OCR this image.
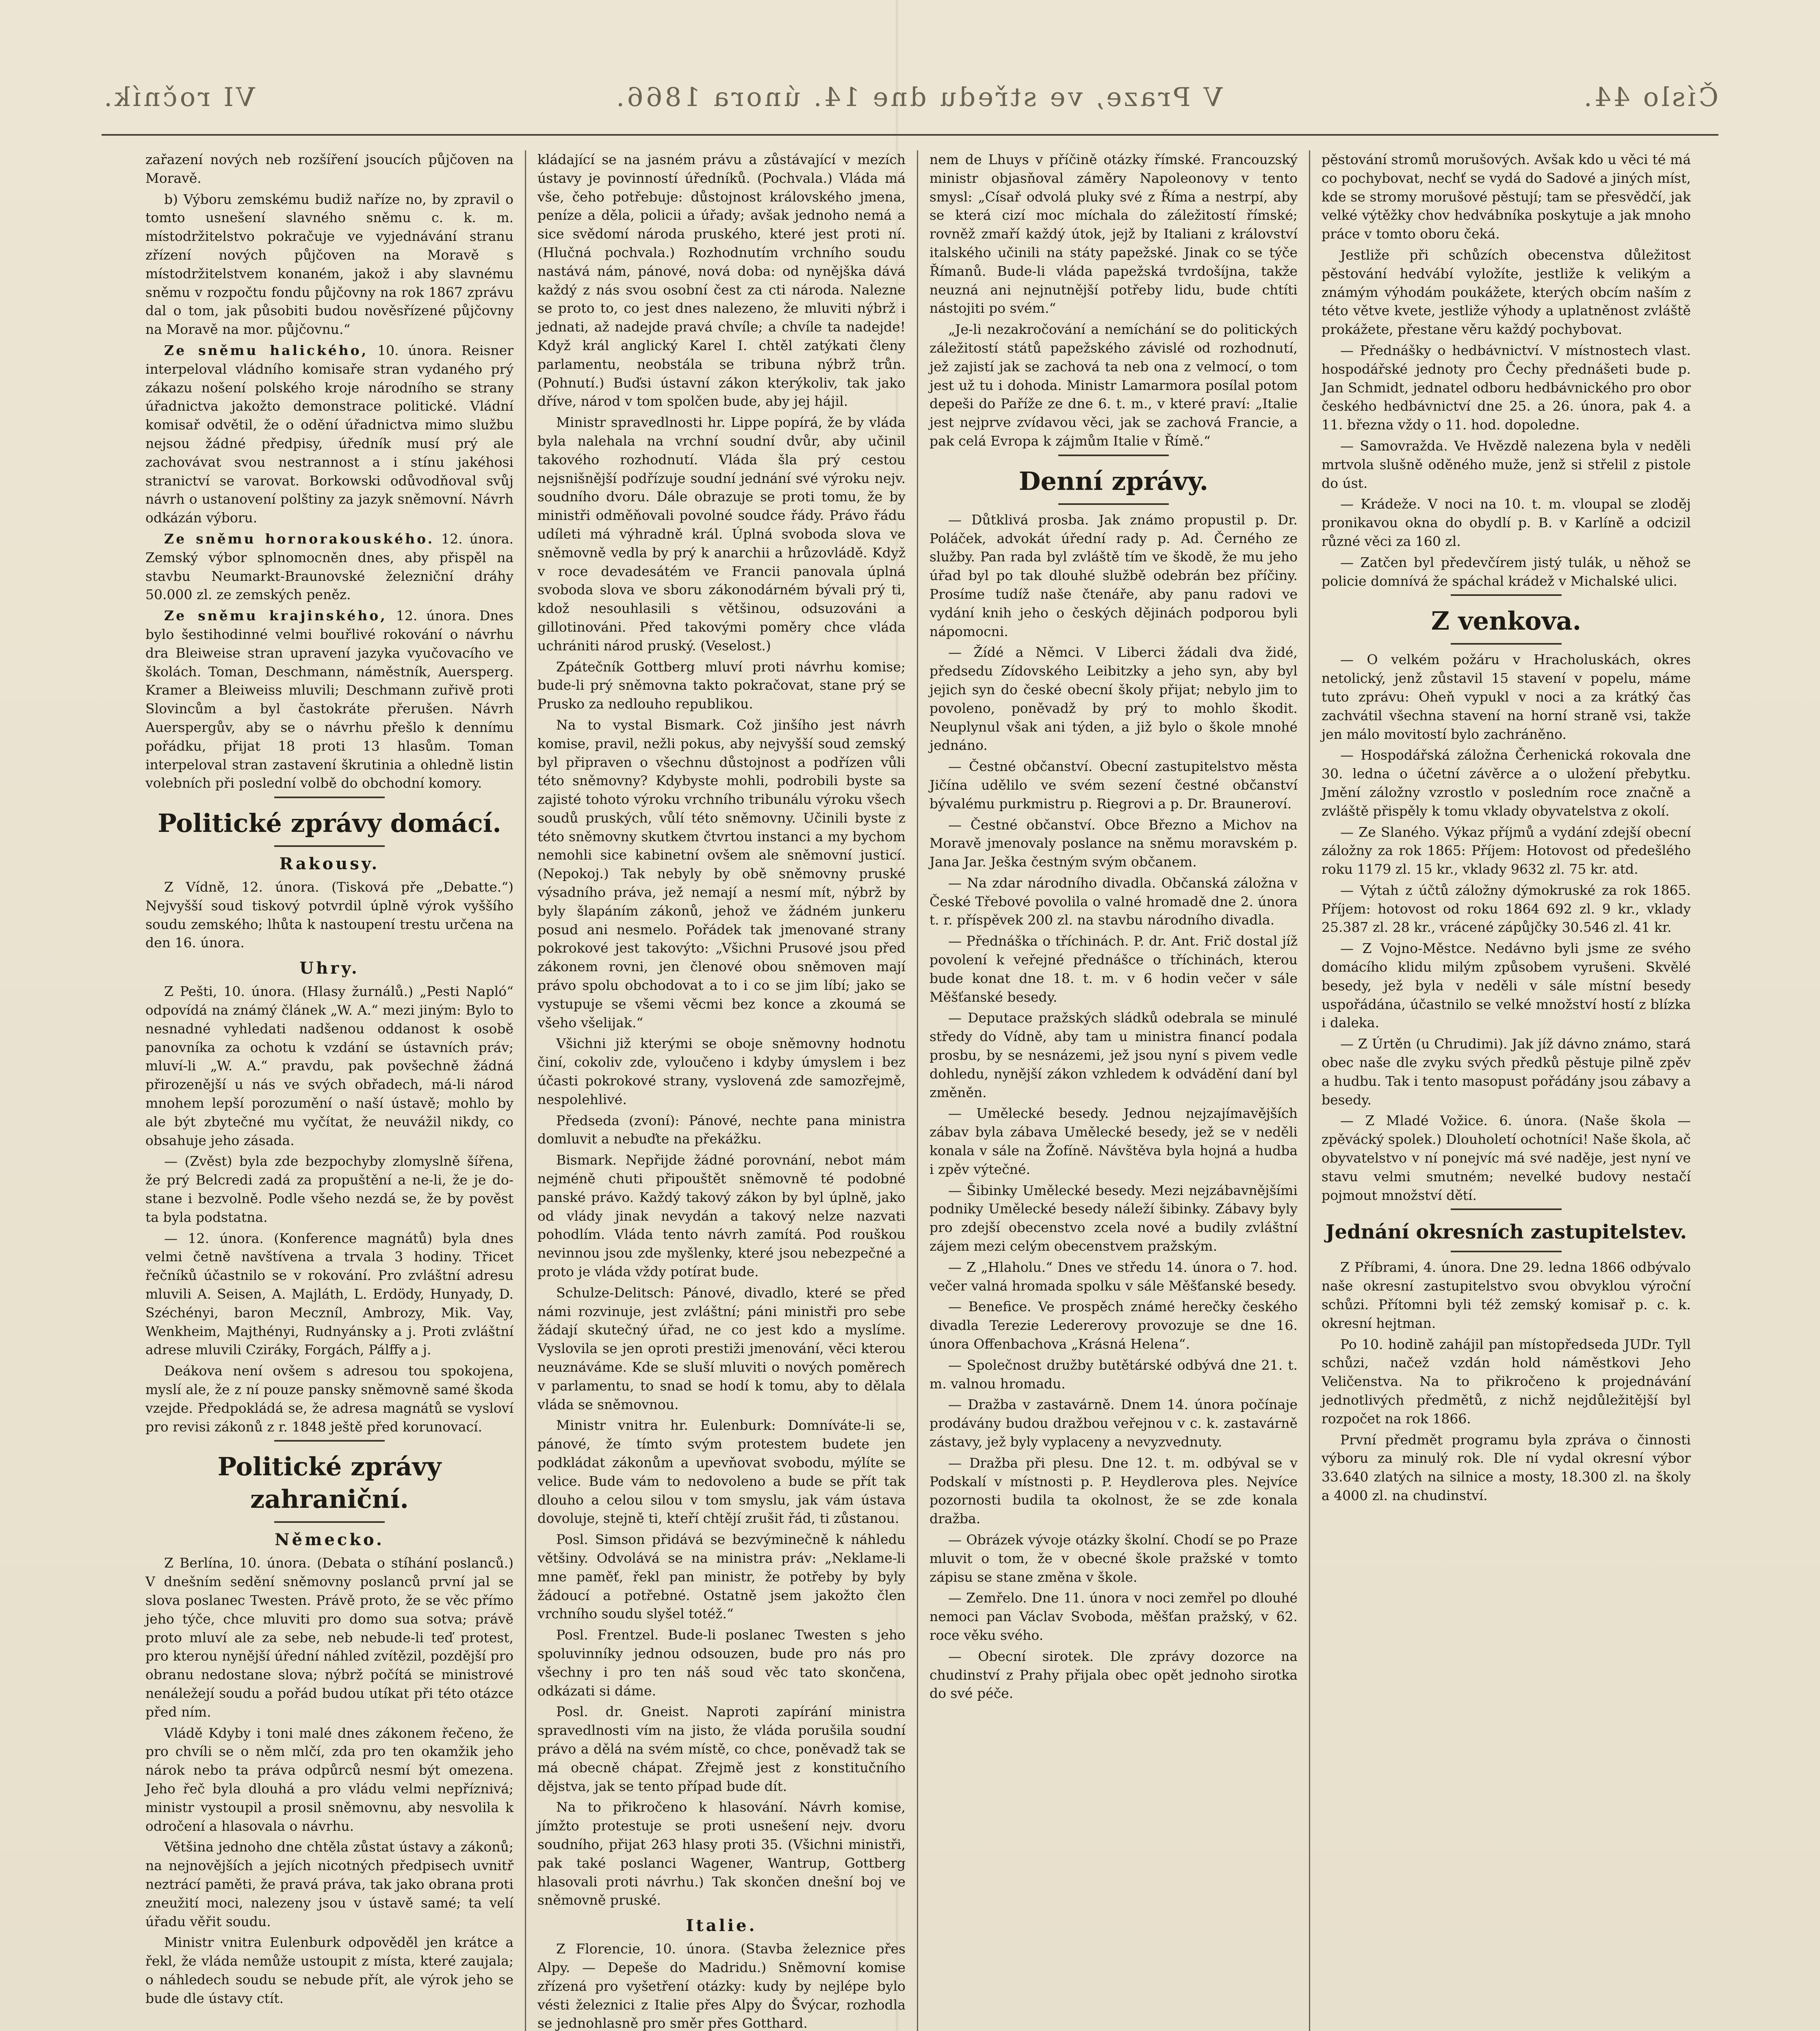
Číslo 44.
V Praze, ve středu dne 14. února 1866.
VI ročník.

zařazení nových neb rozšíření jsoucích půjčoven na Moravě.

b) Výboru zemskému budiž naříze no, by zpravil o tomto usnešení slavného sněmu c. k. m. místodržitelstvo pokračuje ve vyjednávání stranu zřízení nových půjčoven na Moravě s místodržitelstvem konaném, jakož i aby slavnému sněmu v rozpočtu fondu půjčovny na rok 1867 zprávu dal o tom, jak působiti budou nověsřízené půjčovny na Moravě na mor. půjčovnu.“

Ze sněmu halického, 10. února. Reisner interpeloval vládního komisaře stran vydaného prý zákazu nošení polského kroje národního se strany úřadnictva jakožto demonstrace politické. Vládní komisař odvětil, že o odění úřadnictva mimo službu nejsou žádné předpisy, úředník musí prý ale zachovávat svou nestrannost a i stínu jakéhosi stranictví se varovat. Borkowski odůvodňoval svůj návrh o ustanovení polštiny za jazyk sněmovní. Návrh odkázán výboru.

Ze sněmu hornorakouského. 12. února. Zemský výbor splnomocněn dnes, aby přispěl na stavbu Neumarkt-Braunovské železniční dráhy 50.000 zl. ze zemských peněz.

Ze sněmu krajinského, 12. února. Dnes bylo šestihodinné velmi bouřlivé rokování o návrhu dra Bleiweise stran upravení jazyka vyučovacího ve školách. Toman, Deschmann, náměstník, Auersperg. Kramer a Bleiweiss mluvili; Deschmann zuřivě proti Slovincům a byl častokráte přerušen. Návrh Auerspergův, aby se o návrhu přešlo k dennímu pořádku, přijat 18 proti 13 hlasům. Toman interpeloval stran zastavení škrutinia a ohledně listin volebních při poslední volbě do obchodní komory.

Politické zprávy domácí.
Rakousy.

Z Vídně, 12. února. (Tisková pře „Debatte.“) Nejvyšší soud tiskový potvrdil úplně výrok vyššího soudu zemského; lhůta k nastoupení trestu určena na den 16. února.

Uhry.

Z Pešti, 10. února. (Hlasy žurnálů.) „Pesti Napló“ odpovídá na známý článek „W. A.“ mezi jiným: Bylo to nesnadné vyhledati nadšenou oddanost k osobě panovníka za ochotu k vzdání se ústavních práv; mluví-li „W. A.“ pravdu, pak povšechně žádná přirozenější u nás ve svých obřadech, má-li národ mnohem lepší porozumění o naší ústavě; mohlo by ale být zbytečné mu vyčítat, že neuvážil nikdy, co obsahuje jeho zásada.

— (Zvěst) byla zde bezpochyby zlomyslně šířena, že prý Belcredi zadá za propuštění a ne-li, že je do-stane i bezvolně. Podle všeho nezdá se, že by pověst ta byla podstatna.

— 12. února. (Konference magnátů) byla dnes velmi četně navštívena a trvala 3 hodiny. Třicet řečníků účastnilo se v rokování. Pro zvláštní adresu mluvili A. Seisen, A. Majláth, L. Erdödy, Hunyady, D. Széchényi, baron Meczníl, Ambrozy, Mik. Vay, Wenkheim, Majthényi, Rudnyánsky a j. Proti zvláštní adrese mluvili Cziráky, Forgách, Pálffy a j.

Deákova není ovšem s adresou tou spokojena, myslí ale, že z ní pouze pansky sněmovně samé škoda vzejde. Předpokládá se, že adresa magnátů se vysloví pro revisi zákonů z r. 1848 ještě před korunovací.

Politické zprávy zahraniční.
Německo.

Z Berlína, 10. února. (Debata o stíhání poslanců.) V dnešním sedění sněmovny poslanců první jal se slova poslanec Twesten. Právě proto, že se věc přímo jeho týče, chce mluviti pro domo sua sotva; právě proto mluví ale za sebe, neb nebude-li teď protest, pro kterou nynější úřední náhled zvítězil, pozdější pro obranu nedostane slova; nýbrž počítá se ministrové nenáležejí soudu a pořád budou utíkat při této otázce před ním.

Vládě Kdyby i toni malé dnes zákonem řečeno, že pro chvíli se o něm mlčí, zda pro ten okamžik jeho nárok nebo ta práva odpůrců nesmí být omezena. Jeho řeč byla dlouhá a pro vládu velmi nepříznivá; ministr vystoupil a prosil sněmovnu, aby nesvolila k odročení a hlasovala o návrhu.

Většina jednoho dne chtěla zůstat ústavy a zákonů; na nejnovějších a jejích nicotných předpisech uvnitř neztrácí paměti, že pravá práva, tak jako obrana proti zneužití moci, nalezeny jsou v ústavě samé; ta velí úřadu věřit soudu.

Ministr vnitra Eulenburk odpověděl jen krátce a řekl, že vláda nemůže ustoupit z místa, které zaujala; o náhledech soudu se nebude přít, ale výrok jeho se bude dle ústavy ctít.

kládající se na jasném právu a zůstávající v mezích ústavy je povinností úředníků. (Pochvala.) Vláda má vše, čeho potřebuje: důstojnost královského jmena, peníze a děla, policii a úřady; avšak jednoho nemá a sice svědomí národa pruského, které jest proti ní. (Hlučná pochvala.) Rozhodnutím vrchního soudu nastává nám, pánové, nová doba: od nynějška dává každý z nás svou osobní čest za cti národa. Nalezne se proto to, co jest dnes nalezeno, že mluviti nýbrž i jednati, až nadejde pravá chvíle; a chvíle ta nadejde! Když král anglický Karel I. chtěl zatýkati členy parlamentu, neobstála se tribuna nýbrž trůn. (Pohnutí.) Buďsi ústavní zákon kterýkoliv, tak jako dříve, národ v tom spolčen bude, aby jej hájil.

Ministr spravedlnosti hr. Lippe popírá, že by vláda byla nalehala na vrchní soudní dvůr, aby učinil takového rozhodnutí. Vláda šla prý cestou nejsnišnější podřízuje soudní jednání své výroku nejv. soudního dvoru. Dále obrazuje se proti tomu, že by ministři odměňovali povolné soudce řády. Právo řádu udíleti má výhradně král. Úplná svoboda slova ve sněmovně vedla by prý k anarchii a hrůzovládě. Když v roce devadesátém ve Francii panovala úplná svoboda slova ve sboru zákonodárném bývali prý ti, kdož nesouhlasili s většinou, odsuzováni a gillotinováni. Před takovými poměry chce vláda uchrániti národ pruský. (Veselost.)

Zpátečník Gottberg mluví proti návrhu komise; bude-li prý sněmovna takto pokračovat, stane prý se Prusko za nedlouho republikou.

Na to vystal Bismark. Což jinšího jest návrh komise, pravil, nežli pokus, aby nejvyšší soud zemský byl připraven o všechnu důstojnost a podřízen vůli této sněmovny? Kdybyste mohli, podrobili byste sa zajisté tohoto výroku vrchního tribunálu výroku všech soudů pruských, vůlí této sněmovny. Učinili byste z této sněmovny skutkem čtvrtou instanci a my bychom nemohli sice kabinetní ovšem ale sněmovní justicí. (Nepokoj.) Tak nebyly by obě sněmovny pruské výsadního práva, jež nemají a nesmí mít, nýbrž by byly šlapáním zákonů, jehož ve žádném junkeru posud ani nesmelo. Pořádek tak jmenované strany pokrokové jest takovýto: „Všichni Prusové jsou před zákonem rovni, jen členové obou sněmoven mají právo spolu obchodovat a to i co se jim líbí; jako se vystupuje se všemi věcmi bez konce a zkoumá se všeho všelijak.“

Všichni již kterými se oboje sněmovny hodnotu činí, cokoliv zde, vyloučeno i kdyby úmyslem i bez účasti pokrokové strany, vyslovená zde samozřejmě, nespolehlivé.

Předseda (zvoní): Pánové, nechte pana ministra domluvit a nebuďte na překážku.

Bismark. Nepřijde žádné porovnání, nebot mám nejméně chuti připouštět sněmovně té podobné panské právo. Každý takový zákon by byl úplně, jako od vlády jinak nevydán a takový nelze nazvati pohodlím. Vláda tento návrh zamítá. Pod rouškou nevinnou jsou zde myšlenky, které jsou nebezpečné a proto je vláda vždy potírat bude.

Schulze-Delitsch: Pánové, divadlo, které se před námi rozvinuje, jest zvláštní; páni ministři pro sebe žádají skutečný úřad, ne co jest kdo a myslíme. Vyslovila se jen oproti prestiži jmenování, věci kterou neuznáváme. Kde se sluší mluviti o nových poměrech v parlamentu, to snad se hodí k tomu, aby to dělala vláda se sněmovnou.

Ministr vnitra hr. Eulenburk: Domníváte-li se, pánové, že tímto svým protestem budete jen podkládat zákonům a upevňovat svobodu, mýlíte se velice. Bude vám to nedovoleno a bude se přít tak dlouho a celou silou v tom smyslu, jak vám ústava dovoluje, stejně ti, kteří chtějí zrušit řád, ti zůstanou.

Posl. Simson přidává se bezvýminečně k náhledu většiny. Odvolává se na ministra práv: „Neklame-li mne paměť, řekl pan ministr, že potřeby by byly žádoucí a potřebné. Ostatně jsem jakožto člen vrchního soudu slyšel totéž.“

Posl. Frentzel. Bude-li poslanec Twesten s jeho spoluvinníky jednou odsouzen, bude pro nás pro všechny i pro ten náš soud věc tato skončena, odkázati si dáme.

Posl. dr. Gneist. Naproti zapírání ministra spravedlnosti vím na jisto, že vláda porušila soudní právo a dělá na svém místě, co chce, poněvadž tak se má obecně chápat. Zřejmě jest z konstitučního dějstva, jak se tento případ bude dít.

Na to přikročeno k hlasování. Návrh komise, jímžto protestuje se proti usnešení nejv. dvoru soudního, přijat 263 hlasy proti 35. (Všichni ministři, pak také poslanci Wagener, Wantrup, Gottberg hlasovali proti návrhu.) Tak skončen dnešní boj ve sněmovně pruské.

Italie.

Z Florencie, 10. února. (Stavba železnice přes Alpy. — Depeše do Madridu.) Sněmovní komise zřízená pro vyšetření otázky: kudy by nejlépe bylo vésti železnici z Italie přes Alpy do Švýcar, rozhodla se jednohlasně pro směr přes Gotthard.

nem de Lhuys v příčině otázky římské. Francouzský ministr objasňoval záměry Napoleonovy v tento smysl: „Císař odvolá pluky své z Říma a nestrpí, aby se která cizí moc míchala do záležitostí římské; rovněž zmaří každý útok, jejž by Italiani z království italského učinili na státy papežské. Jinak co se týče Římanů. Bude-li vláda papežská tvrdošíjna, takže neuzná ani nejnutnější potřeby lidu, bude chtíti nástojiti po svém.“

„Je-li nezakročování a nemíchání se do politických záležitostí států papežského závislé od rozhodnutí, jež zajistí jak se zachová ta neb ona z velmocí, o tom jest už tu i dohoda. Ministr Lamarmora posílal potom depeši do Paříže ze dne 6. t. m., v které praví: „Italie jest nejprve zvídavou věci, jak se zachová Francie, a pak celá Evropa k zájmům Italie v Římě.“

Denní zprávy.

— Důtklivá prosba. Jak známo propustil p. Dr. Poláček, advokát úřední rady p. Ad. Černého ze služby. Pan rada byl zvláště tím ve škodě, že mu jeho úřad byl po tak dlouhé službě odebrán bez příčiny. Prosíme tudíž naše čtenáře, aby panu radovi ve vydání knih jeho o českých dějinách podporou byli nápomocni.

— Žídé a Němci. V Liberci žádali dva židé, předsedu Zídovského Leibitzky a jeho syn, aby byl jejich syn do české obecní školy přijat; nebylo jim to povoleno, poněvadž by prý to mohlo škodit. Neuplynul však ani týden, a již bylo o škole mnohé jednáno.

— Čestné občanství. Obecní zastupitelstvo města Jičína udělilo ve svém sezení čestné občanství bývalému purkmistru p. Riegrovi a p. Dr. Brauneroví.

— Čestné občanství. Obce Březno a Michov na Moravě jmenovaly poslance na sněmu moravském p. Jana Jar. Ješka čestným svým občanem.

— Na zdar národního divadla. Občanská záložna v České Třebové povolila o valné hromadě dne 2. února t. r. příspěvek 200 zl. na stavbu národního divadla.

— Přednáška o tříchinách. P. dr. Ant. Frič dostal jíž povolení k veřejné přednášce o tříchinách, kterou bude konat dne 18. t. m. v 6 hodin večer v sále Měšťanské besedy.

— Deputace pražských sládků odebrala se minulé středy do Vídně, aby tam u ministra financí podala prosbu, by se nesnázemi, jež jsou nyní s pivem vedle dohledu, nynější zákon vzhledem k odvádění daní byl změněn.

— Umělecké besedy. Jednou nejzajímavějších zábav byla zábava Umělecké besedy, jež se v neděli konala v sále na Žofíně. Návštěva byla hojná a hudba i zpěv výtečné.

— Šibinky Umělecké besedy. Mezi nejzábavnějšími podniky Umělecké besedy náleží šibinky. Zábavy byly pro zdejší obecenstvo zcela nové a budily zvláštní zájem mezi celým obecenstvem pražským.

— Z „Hlaholu.“ Dnes ve středu 14. února o 7. hod. večer valná hromada spolku v sále Měšťanské besedy.

— Benefice. Ve prospěch známé herečky českého divadla Terezie Ledererovy provozuje se dne 16. února Offenbachova „Krásná Helena“.

— Společnost družby butětárské odbývá dne 21. t. m. valnou hromadu.

— Dražba v zastavárně. Dnem 14. února počínaje prodávány budou dražbou veřejnou v c. k. zastavárně zástavy, jež byly vyplaceny a nevyzvednuty.

— Dražba při plesu. Dne 12. t. m. odbýval se v Podskalí v místnosti p. P. Heydlerova ples. Nejvíce pozornosti budila ta okolnost, že se zde konala dražba.

— Obrázek vývoje otázky školní. Chodí se po Praze mluvit o tom, že v obecné škole pražské v tomto zápisu se stane změna v škole.

— Zemřelo. Dne 11. února v noci zemřel po dlouhé nemoci pan Václav Svoboda, měšťan pražský, v 62. roce věku svého.

— Obecní sirotek. Dle zprávy dozorce na chudinství z Prahy přijala obec opět jednoho sirotka do své péče.

pěstování stromů morušových. Avšak kdo u věci té má co pochybovat, nechť se vydá do Sadové a jiných míst, kde se stromy morušové pěstují; tam se přesvědčí, jak velké výtěžky chov hedvábníka poskytuje a jak mnoho práce v tomto oboru čeká.

Jestliže při schůzích obecenstva důležitost pěstování hedvábí vyložíte, jestliže k velikým a známým výhodám poukážete, kterých obcím naším z této větve kvete, jestliže výhody a uplatněnost zvláště prokážete, přestane věru každý pochybovat.

— Přednášky o hedbávnictví. V místnostech vlast. hospodářské jednoty pro Čechy přednášeti bude p. Jan Schmidt, jednatel odboru hedbávnického pro obor českého hedbávnictví dne 25. a 26. února, pak 4. a 11. března vždy o 11. hod. dopoledne.

— Samovražda. Ve Hvězdě nalezena byla v neděli mrtvola slušně oděného muže, jenž si střelil z pistole do úst.

— Krádeže. V noci na 10. t. m. vloupal se zloděj pronikavou okna do obydlí p. B. v Karlíně a odcizil různé věci za 160 zl.

— Zatčen byl předevčírem jistý tulák, u něhož se policie domnívá že spáchal krádež v Michalské ulici.

Z venkova.

— O velkém požáru v Hracholuskách, okres netolický, jenž zůstavil 15 stavení v popelu, máme tuto zprávu: Oheň vypukl v noci a za krátký čas zachvátil všechna stavení na horní straně vsi, takže jen málo movitostí bylo zachráněno.

— Hospodářská záložna Čerhenická rokovala dne 30. ledna o účetní závěrce a o uložení přebytku. Jmění záložny vzrostlo v posledním roce značně a zvláště přispěly k tomu vklady obyvatelstva z okolí.

— Ze Slaného. Výkaz příjmů a vydání zdejší obecní záložny za rok 1865: Příjem: Hotovost od předešlého roku 1179 zl. 15 kr., vklady 9632 zl. 75 kr. atd.

— Výtah z účtů záložny dýmokruské za rok 1865. Příjem: hotovost od roku 1864 692 zl. 9 kr., vklady 25.387 zl. 28 kr., vrácené zápůjčky 30.546 zl. 41 kr.

— Z Vojno-Městce. Nedávno byli jsme ze svého domácího klidu milým způsobem vyrušeni. Skvělé besedy, jež byla v neděli v sále místní besedy uspořádána, účastnilo se velké množství hostí z blízka i daleka.

— Z Úrtěn (u Chrudimi). Jak jíž dávno známo, stará obec naše dle zvyku svých předků pěstuje pilně zpěv a hudbu. Tak i tento masopust pořádány jsou zábavy a besedy.

— Z Mladé Vožice. 6. února. (Naše škola — zpěvácký spolek.) Dlouholetí ochotníci! Naše škola, ač obyvatelstvo v ní ponejvíc má své naděje, jest nyní ve stavu velmi smutném; nevelké budovy nestačí pojmout množství dětí.

Jednání okresních zastupitelstev.

Z Příbrami, 4. února. Dne 29. ledna 1866 odbývalo naše okresní zastupitelstvo svou obvyklou výroční schůzi. Přítomni byli též zemský komisař p. c. k. okresní hejtman.

Po 10. hodině zahájil pan místopředseda JUDr. Tyll schůzi, načež vzdán hold náměstkovi Jeho Veličenstva. Na to přikročeno k projednávání jednotlivých předmětů, z nichž nejdůležitější byl rozpočet na rok 1866.

První předmět programu byla zpráva o činnosti výboru za minulý rok. Dle ní vydal okresní výbor 33.640 zlatých na silnice a mosty, 18.300 zl. na školy a 4000 zl. na chudinství.
